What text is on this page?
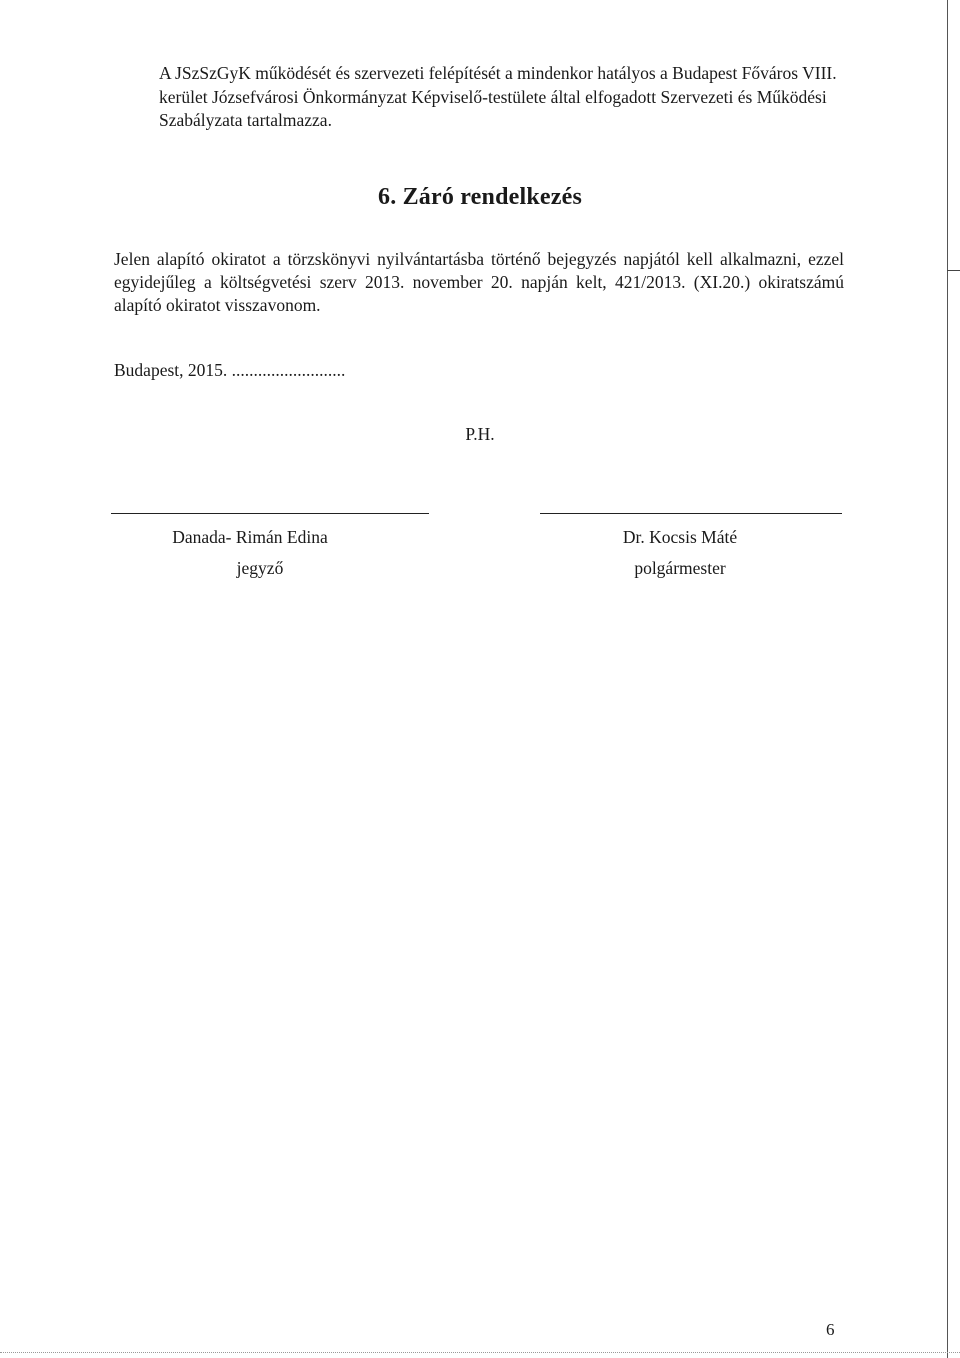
A JSzSzGyK működését és szervezeti felépítését a mindenkor hatályos a Budapest Főváros VIII. kerület Józsefvárosi Önkormányzat Képviselő-testülete által elfogadott Szervezeti és Működési Szabályzata tartalmazza.
6. Záró rendelkezés
Jelen alapító okiratot a törzskönyvi nyilvántartásba történő bejegyzés napjától kell alkalmazni, ezzel egyidejűleg a költségvetési szerv 2013. november 20. napján kelt, 421/2013. (XI.20.) okiratszámú alapító okiratot visszavonom.
Budapest, 2015. ..........................
P.H.
Danada- Rimán Edina
jegyző
Dr. Kocsis Máté
polgármester
6
